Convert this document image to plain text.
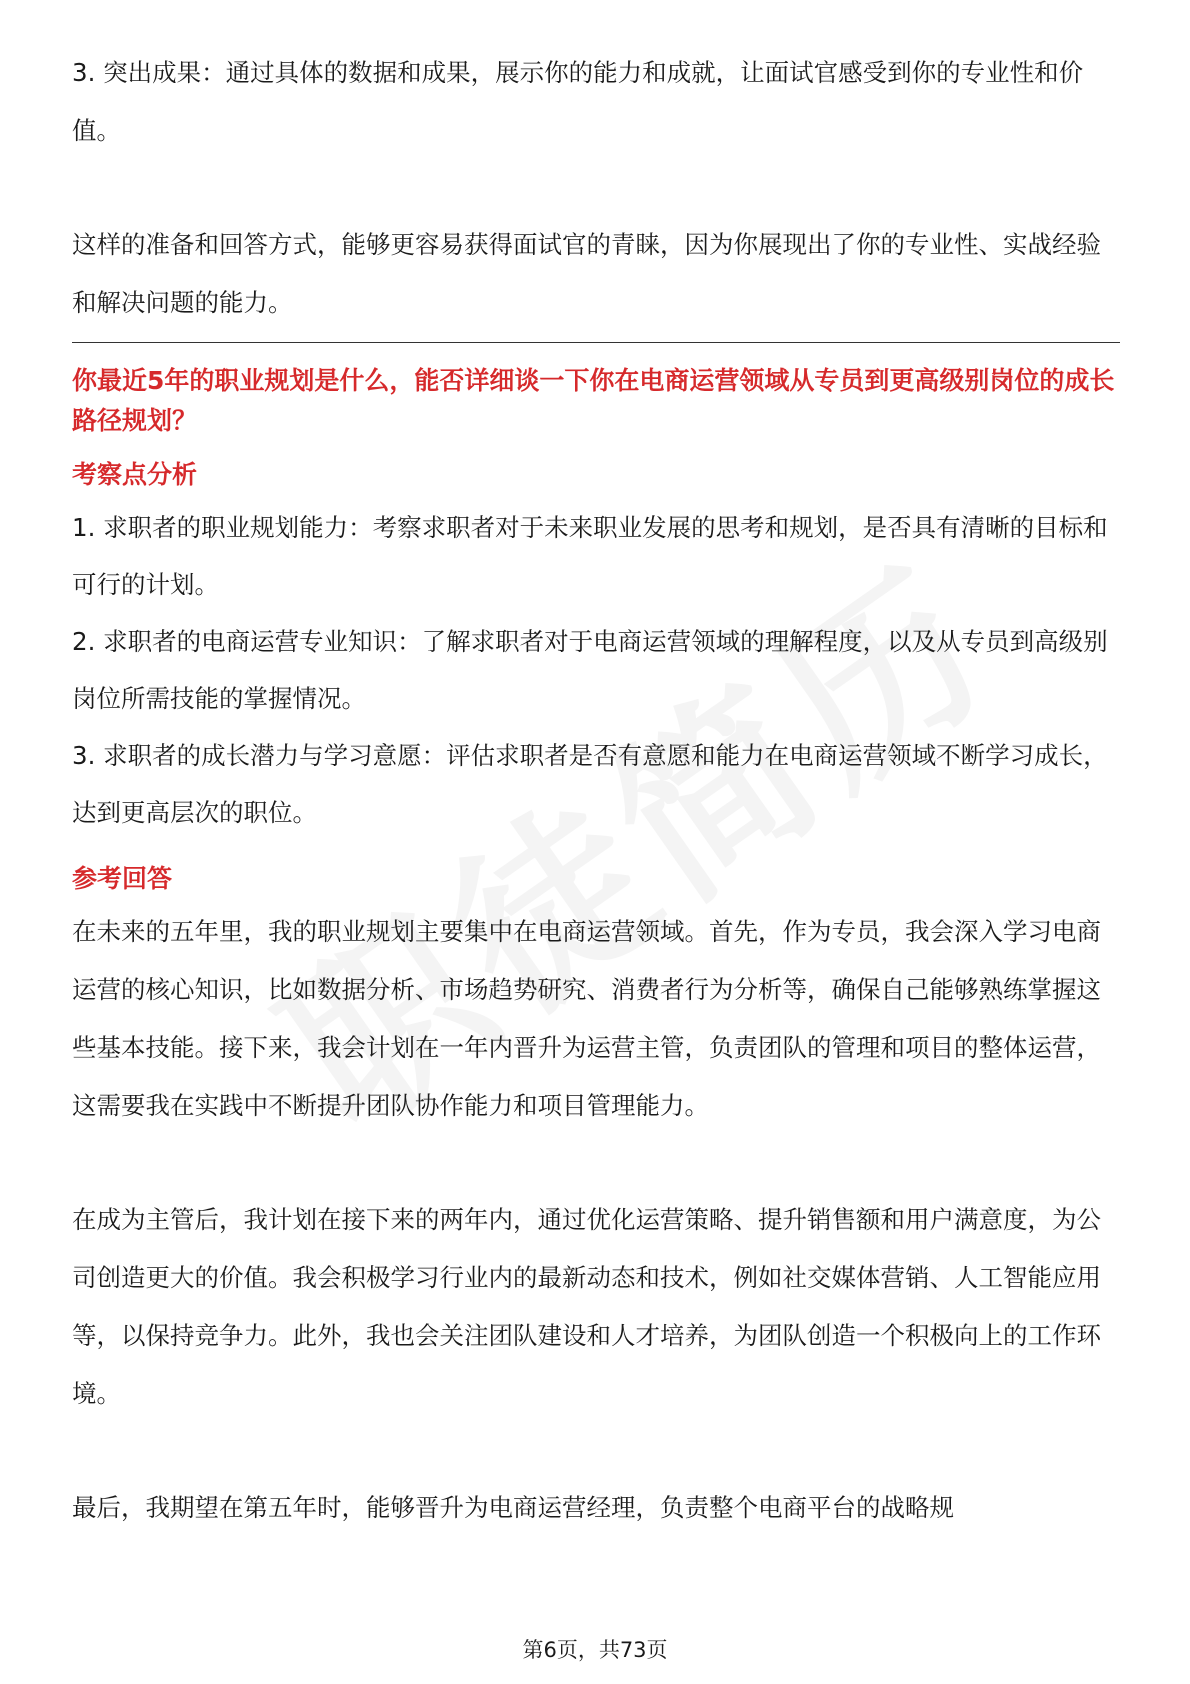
3. 突出成果：通过具体的数据和成果，展示你的能力和成就，让面试官感受到你的专业性和价值。

这样的准备和回答方式，能够更容易获得面试官的青睐，因为你展现出了你的专业性、实战经验和解决问题的能力。

你最近5年的职业规划是什么，能否详细谈一下你在电商运营领域从专员到更高级别岗位的成长路径规划？

考察点分析

1. 求职者的职业规划能力：考察求职者对于未来职业发展的思考和规划，是否具有清晰的目标和可行的计划。

2. 求职者的电商运营专业知识：了解求职者对于电商运营领域的理解程度，以及从专员到高级别岗位所需技能的掌握情况。

3. 求职者的成长潜力与学习意愿：评估求职者是否有意愿和能力在电商运营领域不断学习成长，达到更高层次的职位。

参考回答

在未来的五年里，我的职业规划主要集中在电商运营领域。首先，作为专员，我会深入学习电商运营的核心知识，比如数据分析、市场趋势研究、消费者行为分析等，确保自己能够熟练掌握这些基本技能。接下来，我会计划在一年内晋升为运营主管，负责团队的管理和项目的整体运营，这需要我在实践中不断提升团队协作能力和项目管理能力。

在成为主管后，我计划在接下来的两年内，通过优化运营策略、提升销售额和用户满意度，为公司创造更大的价值。我会积极学习行业内的最新动态和技术，例如社交媒体营销、人工智能应用等，以保持竞争力。此外，我也会关注团队建设和人才培养，为团队创造一个积极向上的工作环境。

最后，我期望在第五年时，能够晋升为电商运营经理，负责整个电商平台的战略规

第6页，共73页
